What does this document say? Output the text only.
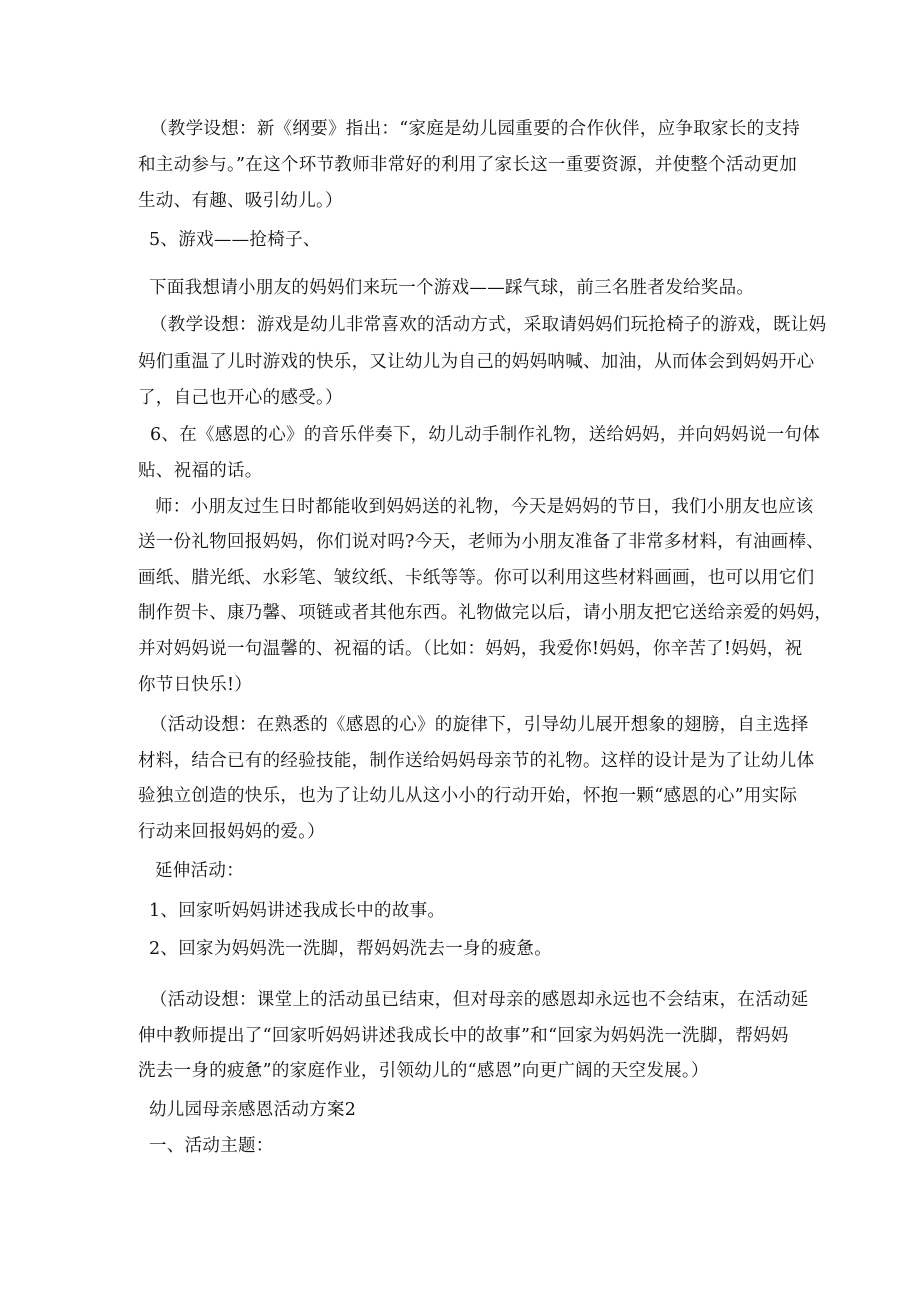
（教学设想：新《纲要》指出：“家庭是幼儿园重要的合作伙伴，应争取家长的支持
和主动参与。”在这个环节教师非常好的利用了家长这一重要资源，并使整个活动更加
生动、有趣、吸引幼儿。）
5、游戏——抢椅子、
下面我想请小朋友的妈妈们来玩一个游戏——踩气球，前三名胜者发给奖品。
（教学设想：游戏是幼儿非常喜欢的活动方式，采取请妈妈们玩抢椅子的游戏，既让妈
妈们重温了儿时游戏的快乐，又让幼儿为自己的妈妈呐喊、加油，从而体会到妈妈开心
了，自己也开心的感受。）
6、在《感恩的心》的音乐伴奏下，幼儿动手制作礼物，送给妈妈，并向妈妈说一句体
贴、祝福的话。
师：小朋友过生日时都能收到妈妈送的礼物，今天是妈妈的节日，我们小朋友也应该
送一份礼物回报妈妈，你们说对吗?今天，老师为小朋友准备了非常多材料，有油画棒、
画纸、腊光纸、水彩笔、皱纹纸、卡纸等等。你可以利用这些材料画画，也可以用它们
制作贺卡、康乃馨、项链或者其他东西。礼物做完以后，请小朋友把它送给亲爱的妈妈，
并对妈妈说一句温馨的、祝福的话。（比如：妈妈，我爱你!妈妈，你辛苦了!妈妈，祝
你节日快乐!）
（活动设想：在熟悉的《感恩的心》的旋律下，引导幼儿展开想象的翅膀，自主选择
材料，结合已有的经验技能，制作送给妈妈母亲节的礼物。这样的设计是为了让幼儿体
验独立创造的快乐，也为了让幼儿从这小小的行动开始，怀抱一颗“感恩的心”用实际
行动来回报妈妈的爱。）
延伸活动：
1、回家听妈妈讲述我成长中的故事。
2、回家为妈妈洗一洗脚，帮妈妈洗去一身的疲惫。
（活动设想：课堂上的活动虽已结束，但对母亲的感恩却永远也不会结束，在活动延
伸中教师提出了“回家听妈妈讲述我成长中的故事”和“回家为妈妈洗一洗脚，帮妈妈
洗去一身的疲惫”的家庭作业，引领幼儿的“感恩”向更广阔的天空发展。）
幼儿园母亲感恩活动方案2
一、活动主题：
